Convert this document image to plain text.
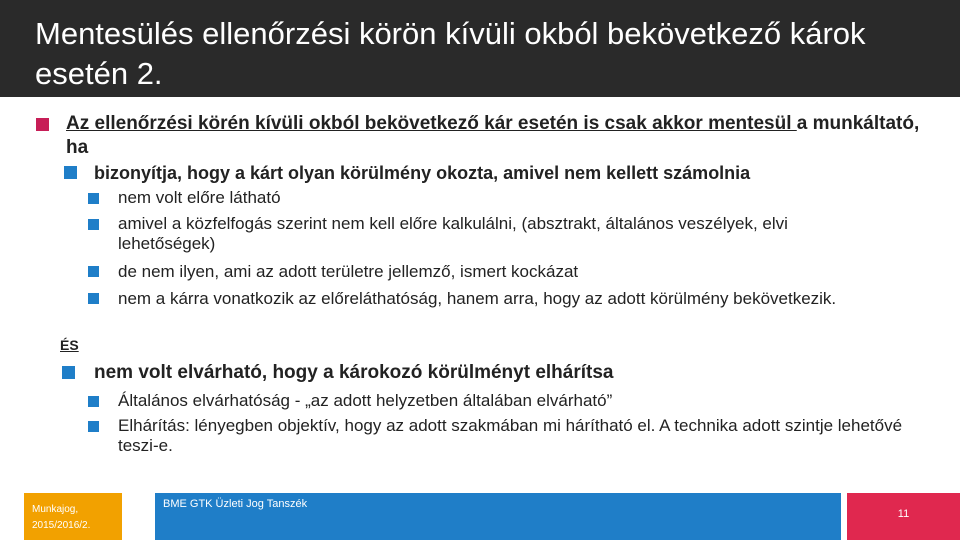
Mentesülés ellenőrzési körön kívüli okból bekövetkező károk esetén 2.
Az ellenőrzési körén kívüli okból bekövetkező kár esetén is csak akkor mentesül a munkáltató, ha
bizonyítja, hogy a kárt olyan körülmény okozta, amivel nem kellett számolnia
nem volt előre látható
amivel a közfelfogás szerint nem kell előre kalkulálni, (absztrakt, általános veszélyek, elvi lehetőségek)
de nem ilyen, ami az adott területre jellemző, ismert kockázat
nem a kárra vonatkozik az előreláthatóság, hanem arra, hogy az adott körülmény bekövetkezik.
ÉS
nem volt elvárható, hogy a károkozó körülményt elhárítsa
Általános elvárhatóság - „az adott helyzetben általában elvárható”
Elhárítás: lényegben objektív, hogy az adott szakmában mi hárítható el. A technika adott szintje lehetővé teszi-e.
Munkajog, 2015/2016/2.
BME GTK Üzleti Jog Tanszék
11
